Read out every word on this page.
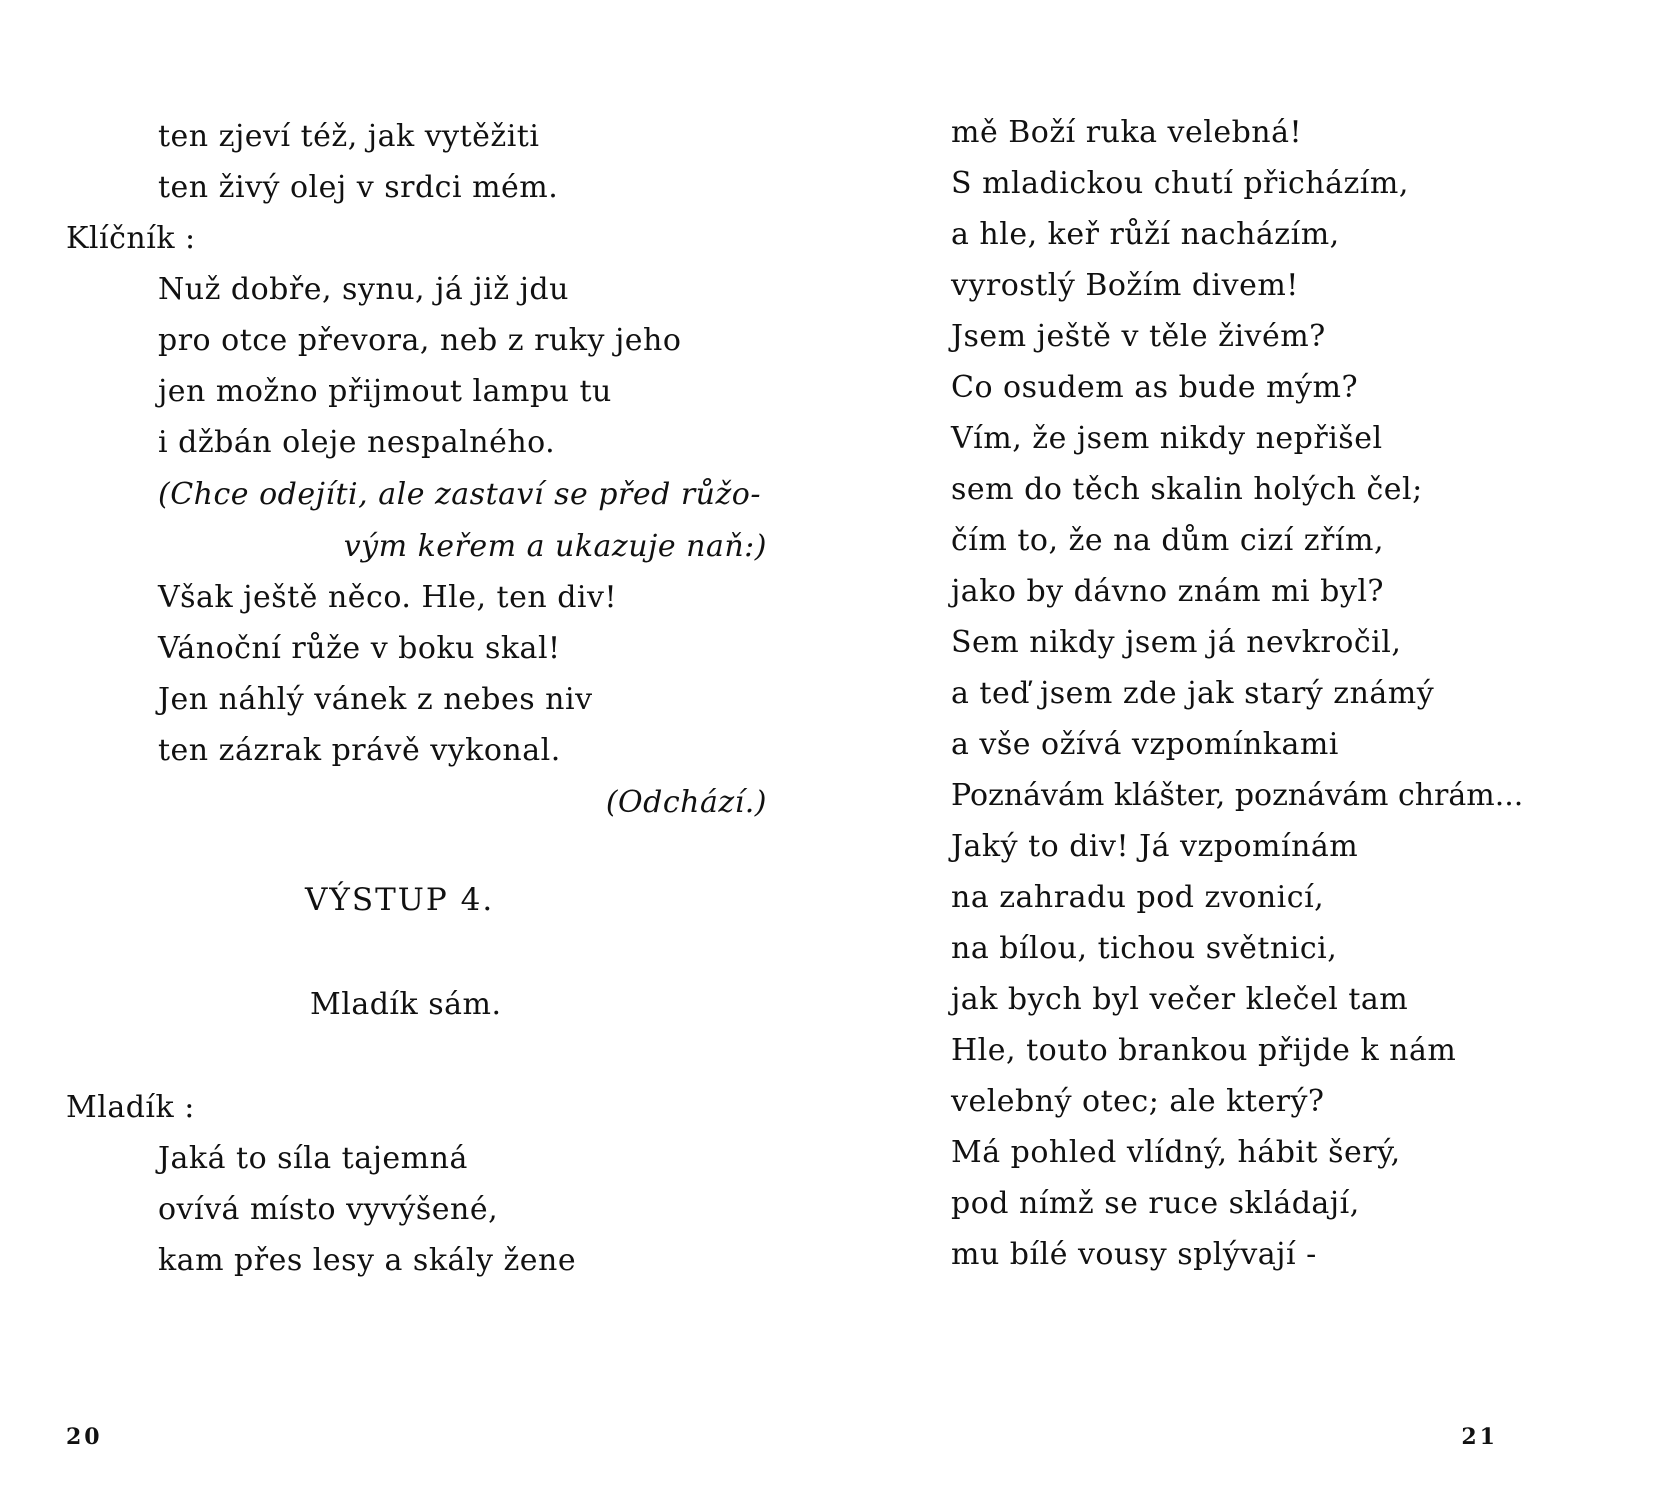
ten zjeví též, jak vytěžiti
ten živý olej v srdci mém.
Klíčník :
Nuž dobře, synu, já již jdu
pro otce převora, neb z ruky jeho
jen možno přijmout lampu tu
i džbán oleje nespalného.
(Chce odejíti, ale zastaví se před růžo-
vým keřem a ukazuje naň:)
Však ještě něco. Hle, ten div!
Vánoční růže v boku skal!
Jen náhlý vánek z nebes niv
ten zázrak právě vykonal.
(Odchází.)
VÝSTUP 4.
Mladík sám.
Mladík :
Jaká to síla tajemná
ovívá místo vyvýšené,
kam přes lesy a skály žene
20
mě Boží ruka velebná!
S mladickou chutí přicházím,
a hle, keř růží nacházím,
vyrostlý Božím divem!
Jsem ještě v těle živém?
Co osudem as bude mým?
Vím, že jsem nikdy nepřišel
sem do těch skalin holých čel;
čím to, že na dům cizí zřím,
jako by dávno znám mi byl?
Sem nikdy jsem já nevkročil,
a teď jsem zde jak starý známý
a vše ožívá vzpomínkami
Poznávám klášter, poznávám chrám...
Jaký to div! Já vzpomínám
na zahradu pod zvonicí,
na bílou, tichou světnici,
jak bych byl večer klečel tam
Hle, touto brankou přijde k nám
velebný otec; ale který?
Má pohled vlídný, hábit šerý,
pod nímž se ruce skládají,
mu bílé vousy splývají -
21
